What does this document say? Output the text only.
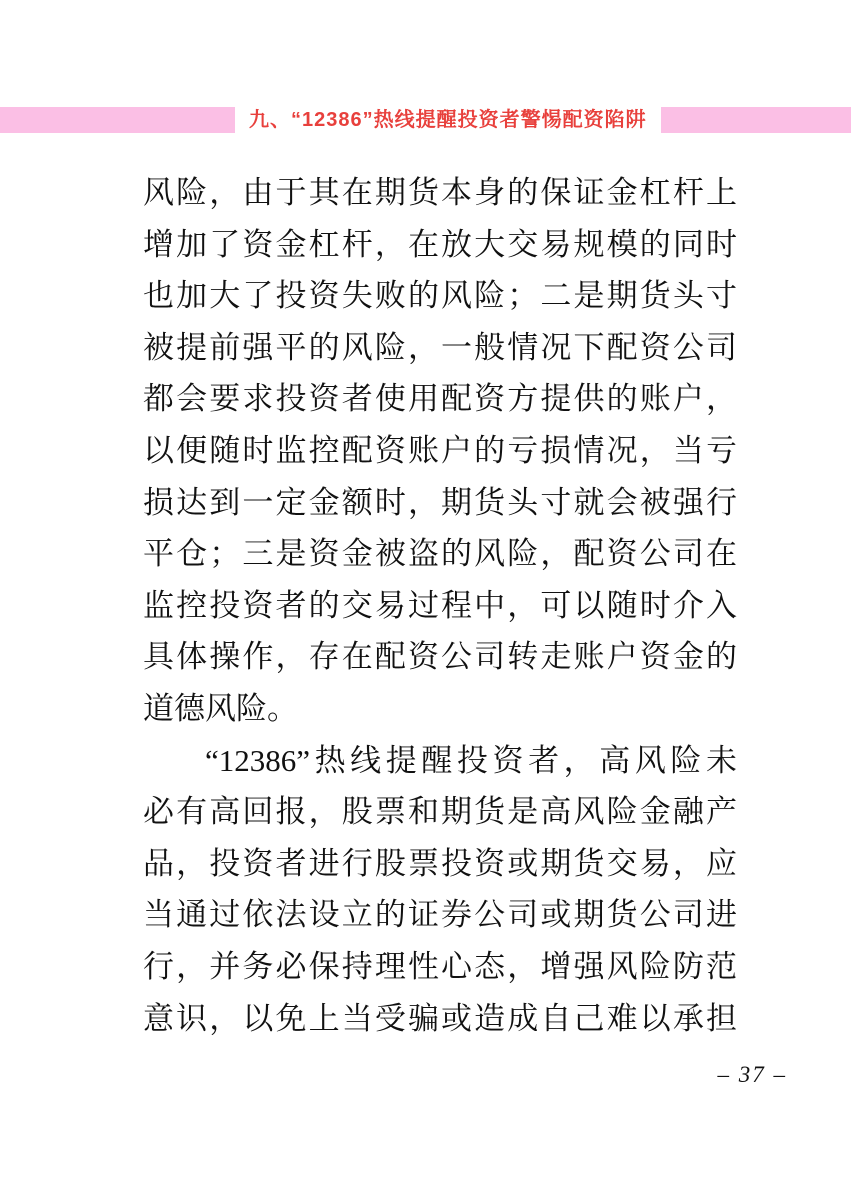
九、“12386”热线提醒投资者警惕配资陷阱
风险，由于其在期货本身的保证金杠杆上
增加了资金杠杆，在放大交易规模的同时
也加大了投资失败的风险；二是期货头寸
被提前强平的风险，一般情况下配资公司
都会要求投资者使用配资方提供的账户，
以便随时监控配资账户的亏损情况，当亏
损达到一定金额时，期货头寸就会被强行
平仓；三是资金被盗的风险，配资公司在
监控投资者的交易过程中，可以随时介入
具体操作，存在配资公司转走账户资金的
道德风险。
“12386”热线提醒投资者，高风险未
必有高回报，股票和期货是高风险金融产
品，投资者进行股票投资或期货交易，应
当通过依法设立的证券公司或期货公司进
行，并务必保持理性心态，增强风险防范
意识，以免上当受骗或造成自己难以承担
– 37 –
